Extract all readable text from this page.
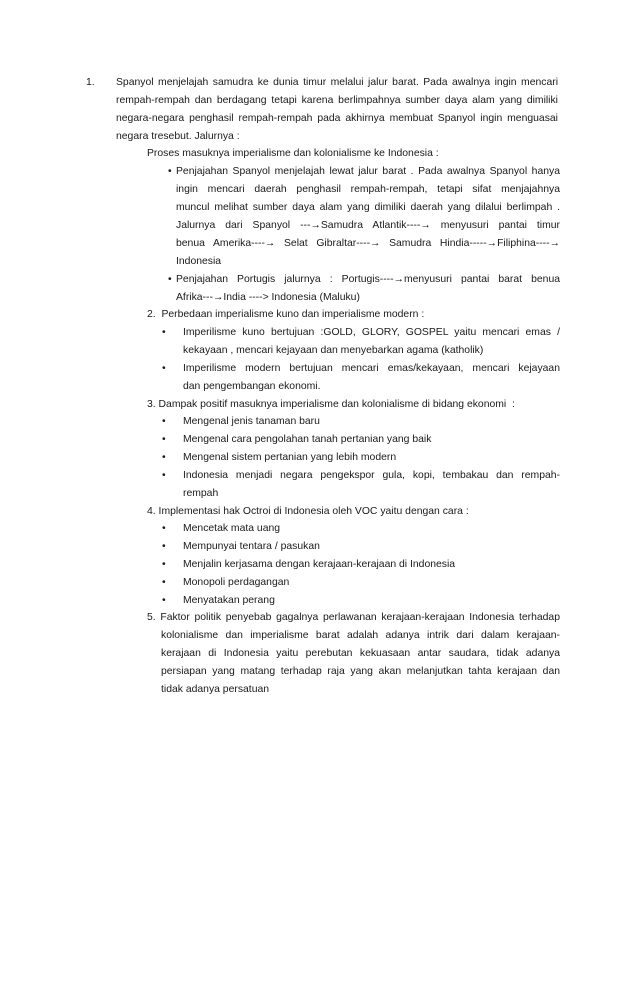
1. Spanyol menjelajah samudra ke dunia timur melalui jalur barat. Pada awalnya ingin mencari
rempah-rempah dan berdagang tetapi karena berlimpahnya sumber daya alam yang dimiliki
negara-negara penghasil rempah-rempah pada akhirnya membuat Spanyol ingin menguasai
negara tresebut. Jalurnya :
Proses masuknya imperialisme dan kolonialisme ke Indonesia :
• Penjajahan Spanyol menjelajah lewat jalur barat . Pada awalnya Spanyol hanya
ingin mencari daerah penghasil rempah-rempah, tetapi sifat menjajahnya
muncul melihat sumber daya alam yang dimiliki daerah yang dilalui berlimpah .
Jalurnya dari Spanyol ---→Samudra Atlantik----→ menyusuri pantai timur
benua Amerika----→ Selat Gibraltar----→ Samudra Hindia-----→Filiphina----→
Indonesia
• Penjajahan Portugis jalurnya : Portugis----→menyusuri pantai barat benua
Afrika---→India ----> Indonesia (Maluku)
2.  Perbedaan imperialisme kuno dan imperialisme modern :
• Imperilisme kuno bertujuan :GOLD, GLORY, GOSPEL yaitu mencari emas /
kekayaan , mencari kejayaan dan menyebarkan agama (katholik)
• Imperilisme modern bertujuan mencari emas/kekayaan, mencari kejayaan
dan pengembangan ekonomi.
3. Dampak positif masuknya imperialisme dan kolonialisme di bidang ekonomi  :
• Mengenal jenis tanaman baru
• Mengenal cara pengolahan tanah pertanian yang baik
• Mengenal sistem pertanian yang lebih modern
• Indonesia menjadi negara pengekspor gula, kopi, tembakau dan rempah-
rempah
4. Implementasi hak Octroi di Indonesia oleh VOC yaitu dengan cara :
• Mencetak mata uang
• Mempunyai tentara / pasukan
• Menjalin kerjasama dengan kerajaan-kerajaan di Indonesia
• Monopoli perdagangan
• Menyatakan perang
5. Faktor politik penyebab gagalnya perlawanan kerajaan-kerajaan Indonesia terhadap
kolonialisme dan imperialisme barat adalah adanya intrik dari dalam kerajaan-
kerajaan di Indonesia yaitu perebutan kekuasaan antar saudara, tidak adanya
persiapan yang matang terhadap raja yang akan melanjutkan tahta kerajaan dan
tidak adanya persatuan
